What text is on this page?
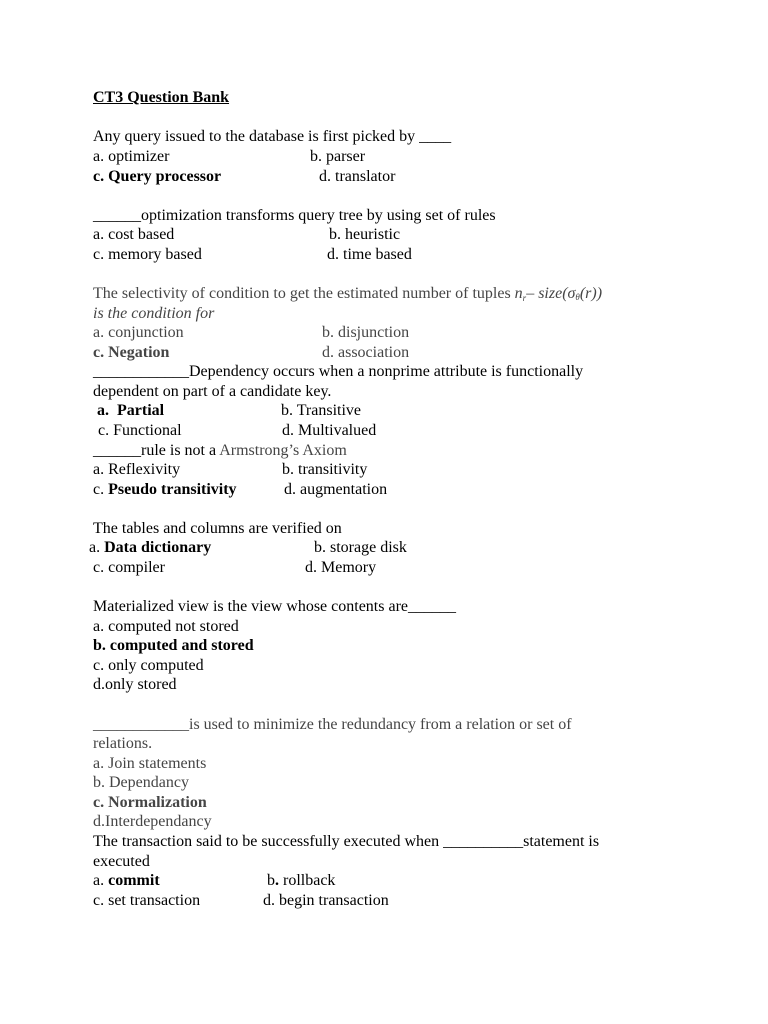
CT3 Question Bank
Any query issued to the database is first picked by ____
a. optimizer	b. parser
c. Query processor	d. translator
______optimization transforms query tree by using set of rules
a. cost based	b. heuristic
c. memory based	d. time based
The selectivity of condition to get the estimated number of tuples nr– $size(\sigma_\theta(r))$
is the condition for
a. conjunction	b. disjunction
c. Negation	d. association
____________Dependency occurs when a nonprime attribute is functionally
dependent on part of a candidate key.
a.  Partial	b. Transitive
c. Functional	d. Multivalued
______rule is not a Armstrong’s Axiom
a. Reflexivity	b. transitivity
c. Pseudo transitivity	d. augmentation
The tables and columns are verified on
a. Data dictionary	b. storage disk
c. compiler	d. Memory
Materialized view is the view whose contents are______
a. computed not stored
b. computed and stored
c. only computed
d.only stored
____________is used to minimize the redundancy from a relation or set of
relations.
a. Join statements
b. Dependancy
c. Normalization
d.Interdependancy
The transaction said to be successfully executed when __________statement is
executed
a. commit	b. rollback
c. set transaction	d. begin transaction
